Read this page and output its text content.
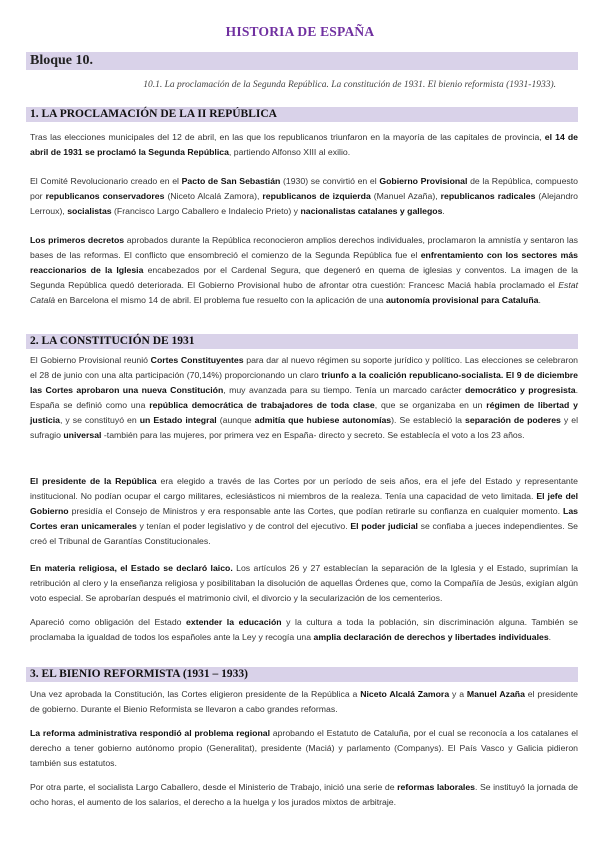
HISTORIA DE ESPAÑA
Bloque 10.
10.1. La proclamación de la Segunda República. La constitución de 1931. El bienio reformista (1931-1933).
1. LA PROCLAMACIÓN DE LA II REPÚBLICA

Tras las elecciones municipales del 12 de abril, en las que los republicanos triunfaron en la mayoría de las capitales de provincia, el 14 de abril de 1931 se proclamó la Segunda República, partiendo Alfonso XIII al exilio.

El Comité Revolucionario creado en el Pacto de San Sebastián (1930) se convirtió en el Gobierno Provisional de la República, compuesto por republicanos conservadores (Niceto Alcalá Zamora), republicanos de izquierda (Manuel Azaña), republicanos radicales (Alejandro Lerroux), socialistas (Francisco Largo Caballero e Indalecio Prieto) y nacionalistas catalanes y gallegos.

Los primeros decretos aprobados durante la República reconocieron amplios derechos individuales, proclamaron la amnistía y sentaron las bases de las reformas. El conflicto que ensombreció el comienzo de la Segunda República fue el enfrentamiento con los sectores más reaccionarios de la Iglesia encabezados por el Cardenal Segura, que degeneró en quema de iglesias y conventos. La imagen de la Segunda República quedó deteriorada. El Gobierno Provisional hubo de afrontar otra cuestión: Francesc Maciá había proclamado el Estat Català en Barcelona el mismo 14 de abril. El problema fue resuelto con la aplicación de una autonomía provisional para Cataluña.

2. LA CONSTITUCIÓN DE 1931

El Gobierno Provisional reunió Cortes Constituyentes para dar al nuevo régimen su soporte jurídico y político. Las elecciones se celebraron el 28 de junio con una alta participación (70,14%) proporcionando un claro triunfo a la coalición republicano-socialista. El 9 de diciembre las Cortes aprobaron una nueva Constitución, muy avanzada para su tiempo. Tenía un marcado carácter democrático y progresista. España se definió como una república democrática de trabajadores de toda clase, que se organizaba en un régimen de libertad y justicia, y se constituyó en un Estado integral (aunque admitía que hubiese autonomías). Se estableció la separación de poderes y el sufragio universal -también para las mujeres, por primera vez en España- directo y secreto. Se establecía el voto a los 23 años.

El presidente de la República era elegido a través de las Cortes por un período de seis años, era el jefe del Estado y representante institucional. No podían ocupar el cargo militares, eclesiásticos ni miembros de la realeza. Tenía una capacidad de veto limitada. El jefe del Gobierno presidía el Consejo de Ministros y era responsable ante las Cortes, que podían retirarle su confianza en cualquier momento. Las Cortes eran unicamerales y tenían el poder legislativo y de control del ejecutivo. El poder judicial se confiaba a jueces independientes. Se creó el Tribunal de Garantías Constitucionales.

En materia religiosa, el Estado se declaró laico. Los artículos 26 y 27 establecían la separación de la Iglesia y el Estado, suprimían la retribución al clero y la enseñanza religiosa y posibilitaban la disolución de aquellas Órdenes que, como la Compañía de Jesús, exigían algún voto especial. Se aprobarían después el matrimonio civil, el divorcio y la secularización de los cementerios.

Apareció como obligación del Estado extender la educación y la cultura a toda la población, sin discriminación alguna. También se proclamaba la igualdad de todos los españoles ante la Ley y recogía una amplia declaración de derechos y libertades individuales.

3. EL BIENIO REFORMISTA (1931 – 1933)

Una vez aprobada la Constitución, las Cortes eligieron presidente de la República a Niceto Alcalá Zamora y a Manuel Azaña el presidente de gobierno. Durante el Bienio Reformista se llevaron a cabo grandes reformas.

La reforma administrativa respondió al problema regional aprobando el Estatuto de Cataluña, por el cual se reconocía a los catalanes el derecho a tener gobierno autónomo propio (Generalitat), presidente (Maciá) y parlamento (Companys). El País Vasco y Galicia pidieron también sus estatutos.

Por otra parte, el socialista Largo Caballero, desde el Ministerio de Trabajo, inició una serie de reformas laborales. Se instituyó la jornada de ocho horas, el aumento de los salarios, el derecho a la huelga y los jurados mixtos de arbitraje.
